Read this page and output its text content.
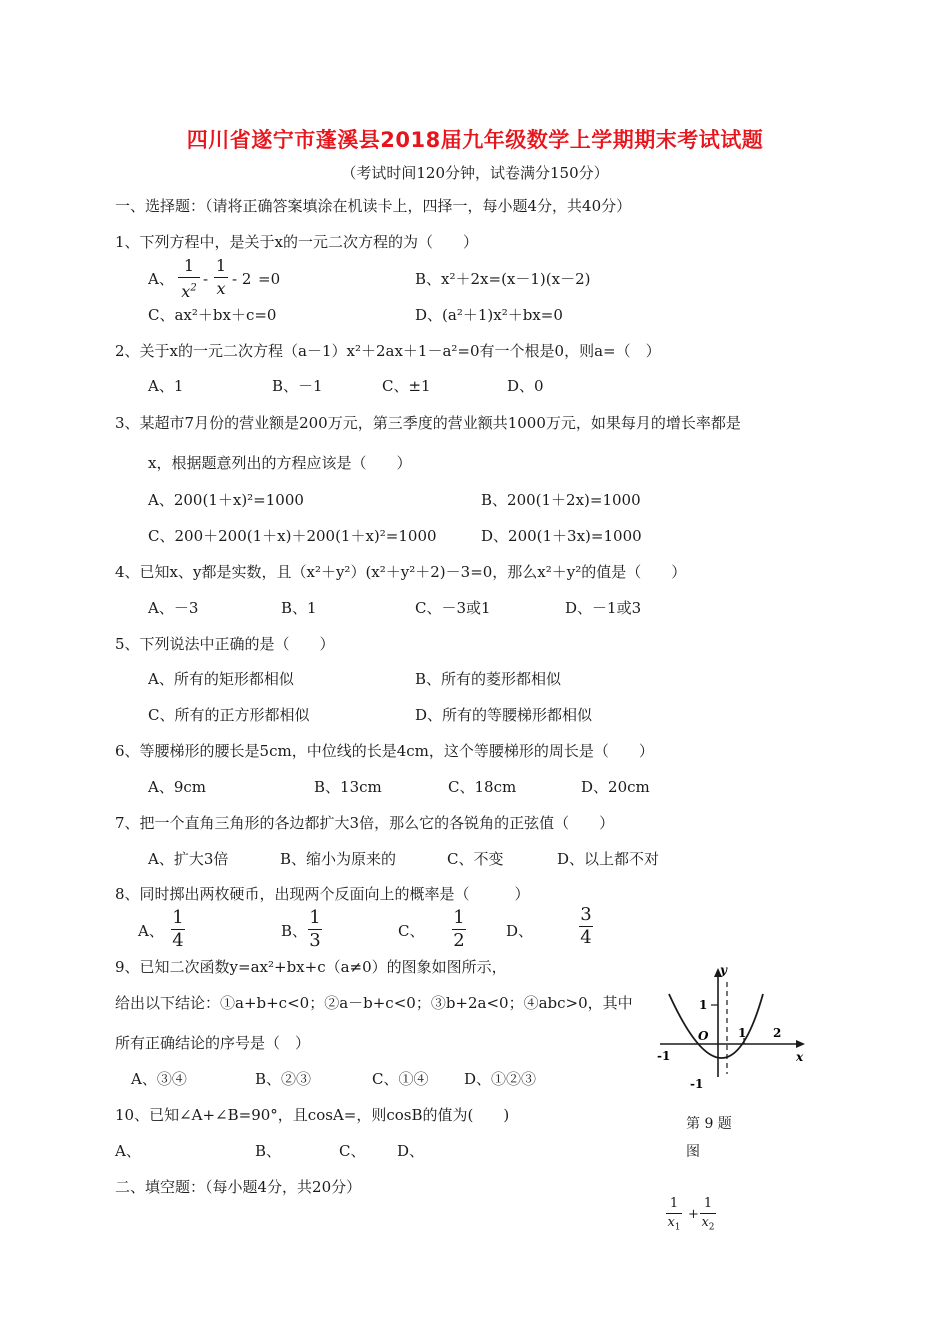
四川省遂宁市蓬溪县2018届九年级数学上学期期末考试试题
（考试时间120分钟，试卷满分150分）
一、选择题：（请将正确答案填涂在机读卡上，四择一，每小题4分，共40分）
1、下列方程中，是关于x的一元二次方程的为（　　）
A、
1
$x^2$
-
1
x - 2 =0	B、x²＋2x=(x－1)(x－2)
C、ax²＋bx＋c=0	D、(a²＋1)x²＋bx=0
2、关于x的一元二次方程（a－1）x²＋2ax＋1－a²=0有一个根是0，则a=（　）
A、1	B、－1	C、±1	D、0
3、某超市7月份的营业额是200万元，第三季度的营业额共1000万元，如果每月的增长率都是
x，根据题意列出的方程应该是（　　）
A、200(1＋x)²=1000	B、200(1＋2x)=1000
C、200＋200(1＋x)＋200(1＋x)²=1000	D、200(1＋3x)=1000
4、已知x、y都是实数，且（x²＋y²）(x²＋y²＋2)－3=0，那么x²＋y²的值是（　　）
A、－3	B、1	C、－3或1	D、－1或3
5、下列说法中正确的是（　　）
A、所有的矩形都相似	B、所有的菱形都相似
C、所有的正方形都相似	D、所有的等腰梯形都相似
6、等腰梯形的腰长是5cm，中位线的长是4cm，这个等腰梯形的周长是（　　）
A、9cm	B、13cm	C、18cm	D、20cm
7、把一个直角三角形的各边都扩大3倍，那么它的各锐角的正弦值（　　）
A、扩大3倍	B、缩小为原来的	C、不变	D、以上都不对
8、同时掷出两枚硬币，出现两个反面向上的概率是（　　　）
A、
1
4	B、
1
3	C、
1
2	D、
3
4
9、已知二次函数y=ax²+bx+c（a≠0）的图象如图所示，
给出以下结论：①a+b+c<0；②a－b+c<0；③b+2a<0；④abc>0，其中
所有正确结论的序号是（　）
A、③④	B、②③	C、①④ D、①②③
y
x
O 1 2
-1
1
-1
第 9 题
图
10、已知∠A+∠B=90°，且cosA=，则cosB的值为(　　)
A、	B、	C、 D、
二、填空题：（每小题4分，共20分）
1
$x_1$
+
1
$x_2$
